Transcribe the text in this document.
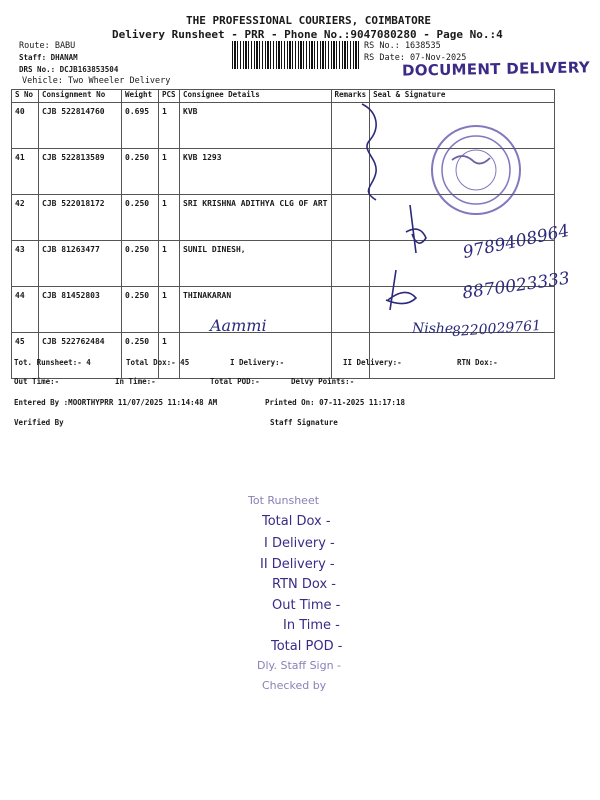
THE PROFESSIONAL COURIERS, COIMBATORE
Delivery Runsheet - PRR - Phone No.:9047080280 - Page No.:4
Route: BABU
Staff: DHANAM
DRS No.: DCJB163853504
Vehicle: Two Wheeler Delivery
RS No.: 1638535
RS Date: 07-Nov-2025
DOCUMENT DELIVERY
S No	Consignment No	Weight	PCS	Consignee Details	Remarks	Seal & Signature
40	CJB 522814760	0.695	1	KVB		
41	CJB 522813589	0.250	1	KVB 1293		
42	CJB 522018172	0.250	1	SRI KRISHNA ADITHYA CLG OF ART		
43	CJB 81263477	0.250	1	SUNIL DINESH,		
44	CJB 81452803	0.250	1	THINAKARAN		
45	CJB 522762484	0.250	1			
Aammi
9789408964
8870023333
Nishe
8220029761
Tot. Runsheet:- 4	Total Dox:- 45	I Delivery:-	II Delivery:-	RTN Dox:-
Out Time:-	In Time:-	Total POD:-	Delvy Points:-
Entered By :MOORTHYPRR 11/07/2025 11:14:48 AM	Printed On: 07-11-2025 11:17:18
Verified By	Staff Signature
Tot Runsheet
Total Dox -
I Delivery -
II Delivery -
RTN Dox -
Out Time -
In Time -
Total POD -
Dly. Staff Sign -
Checked by
